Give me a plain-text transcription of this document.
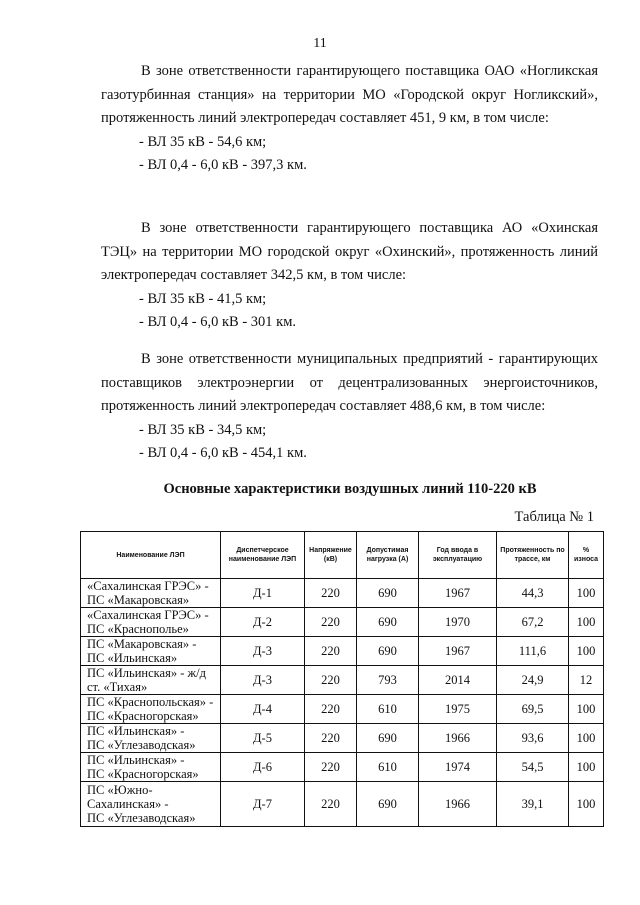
11

В зоне ответственности гарантирующего поставщика ОАО «Ногликская газотурбинная станция» на территории МО «Городской округ Ногликский», протяженность линий электропередач составляет 451, 9 км, в том числе:

- ВЛ 35 кВ - 54,6 км;

- ВЛ 0,4 - 6,0 кВ - 397,3 км.

В зоне ответственности гарантирующего поставщика АО «Охинская ТЭЦ» на территории МО городской округ «Охинский», протяженность линий электропередач составляет 342,5 км, в том числе:

- ВЛ 35 кВ - 41,5 км;

- ВЛ 0,4 - 6,0 кВ - 301 км.

В зоне ответственности муниципальных предприятий - гарантирующих поставщиков электроэнергии от децентрализованных энергоисточников, протяженность линий электропередач составляет 488,6 км, в том числе:

- ВЛ 35 кВ - 34,5 км;

- ВЛ 0,4 - 6,0 кВ - 454,1 км.

Основные характеристики воздушных линий 110-220 кВ
Таблица № 1
Наименование ЛЭП	Диспетчерское наименование ЛЭП	Напряжение (кВ)	Допустимая нагрузка (А)	Год ввода в эксплуатацию	Протяженность по трассе, км	% износа
«Сахалинская ГРЭС» -
ПС «Макаровская»	Д-1	220	690	1967	44,3	100
«Сахалинская ГРЭС» -
ПС «Краснополье»	Д-2	220	690	1970	67,2	100
ПС «Макаровская» -
ПС «Ильинская»	Д-3	220	690	1967	111,6	100
ПС «Ильинская» - ж/д
ст. «Тихая»	Д-3	220	793	2014	24,9	12
ПС «Краснопольская» -
ПС «Красногорская»	Д-4	220	610	1975	69,5	100
ПС «Ильинская» -
ПС «Углезаводская»	Д-5	220	690	1966	93,6	100
ПС «Ильинская» -
ПС «Красногорская»	Д-6	220	610	1974	54,5	100
ПС «Южно-
Сахалинская» -
ПС «Углезаводская»	Д-7	220	690	1966	39,1	100
